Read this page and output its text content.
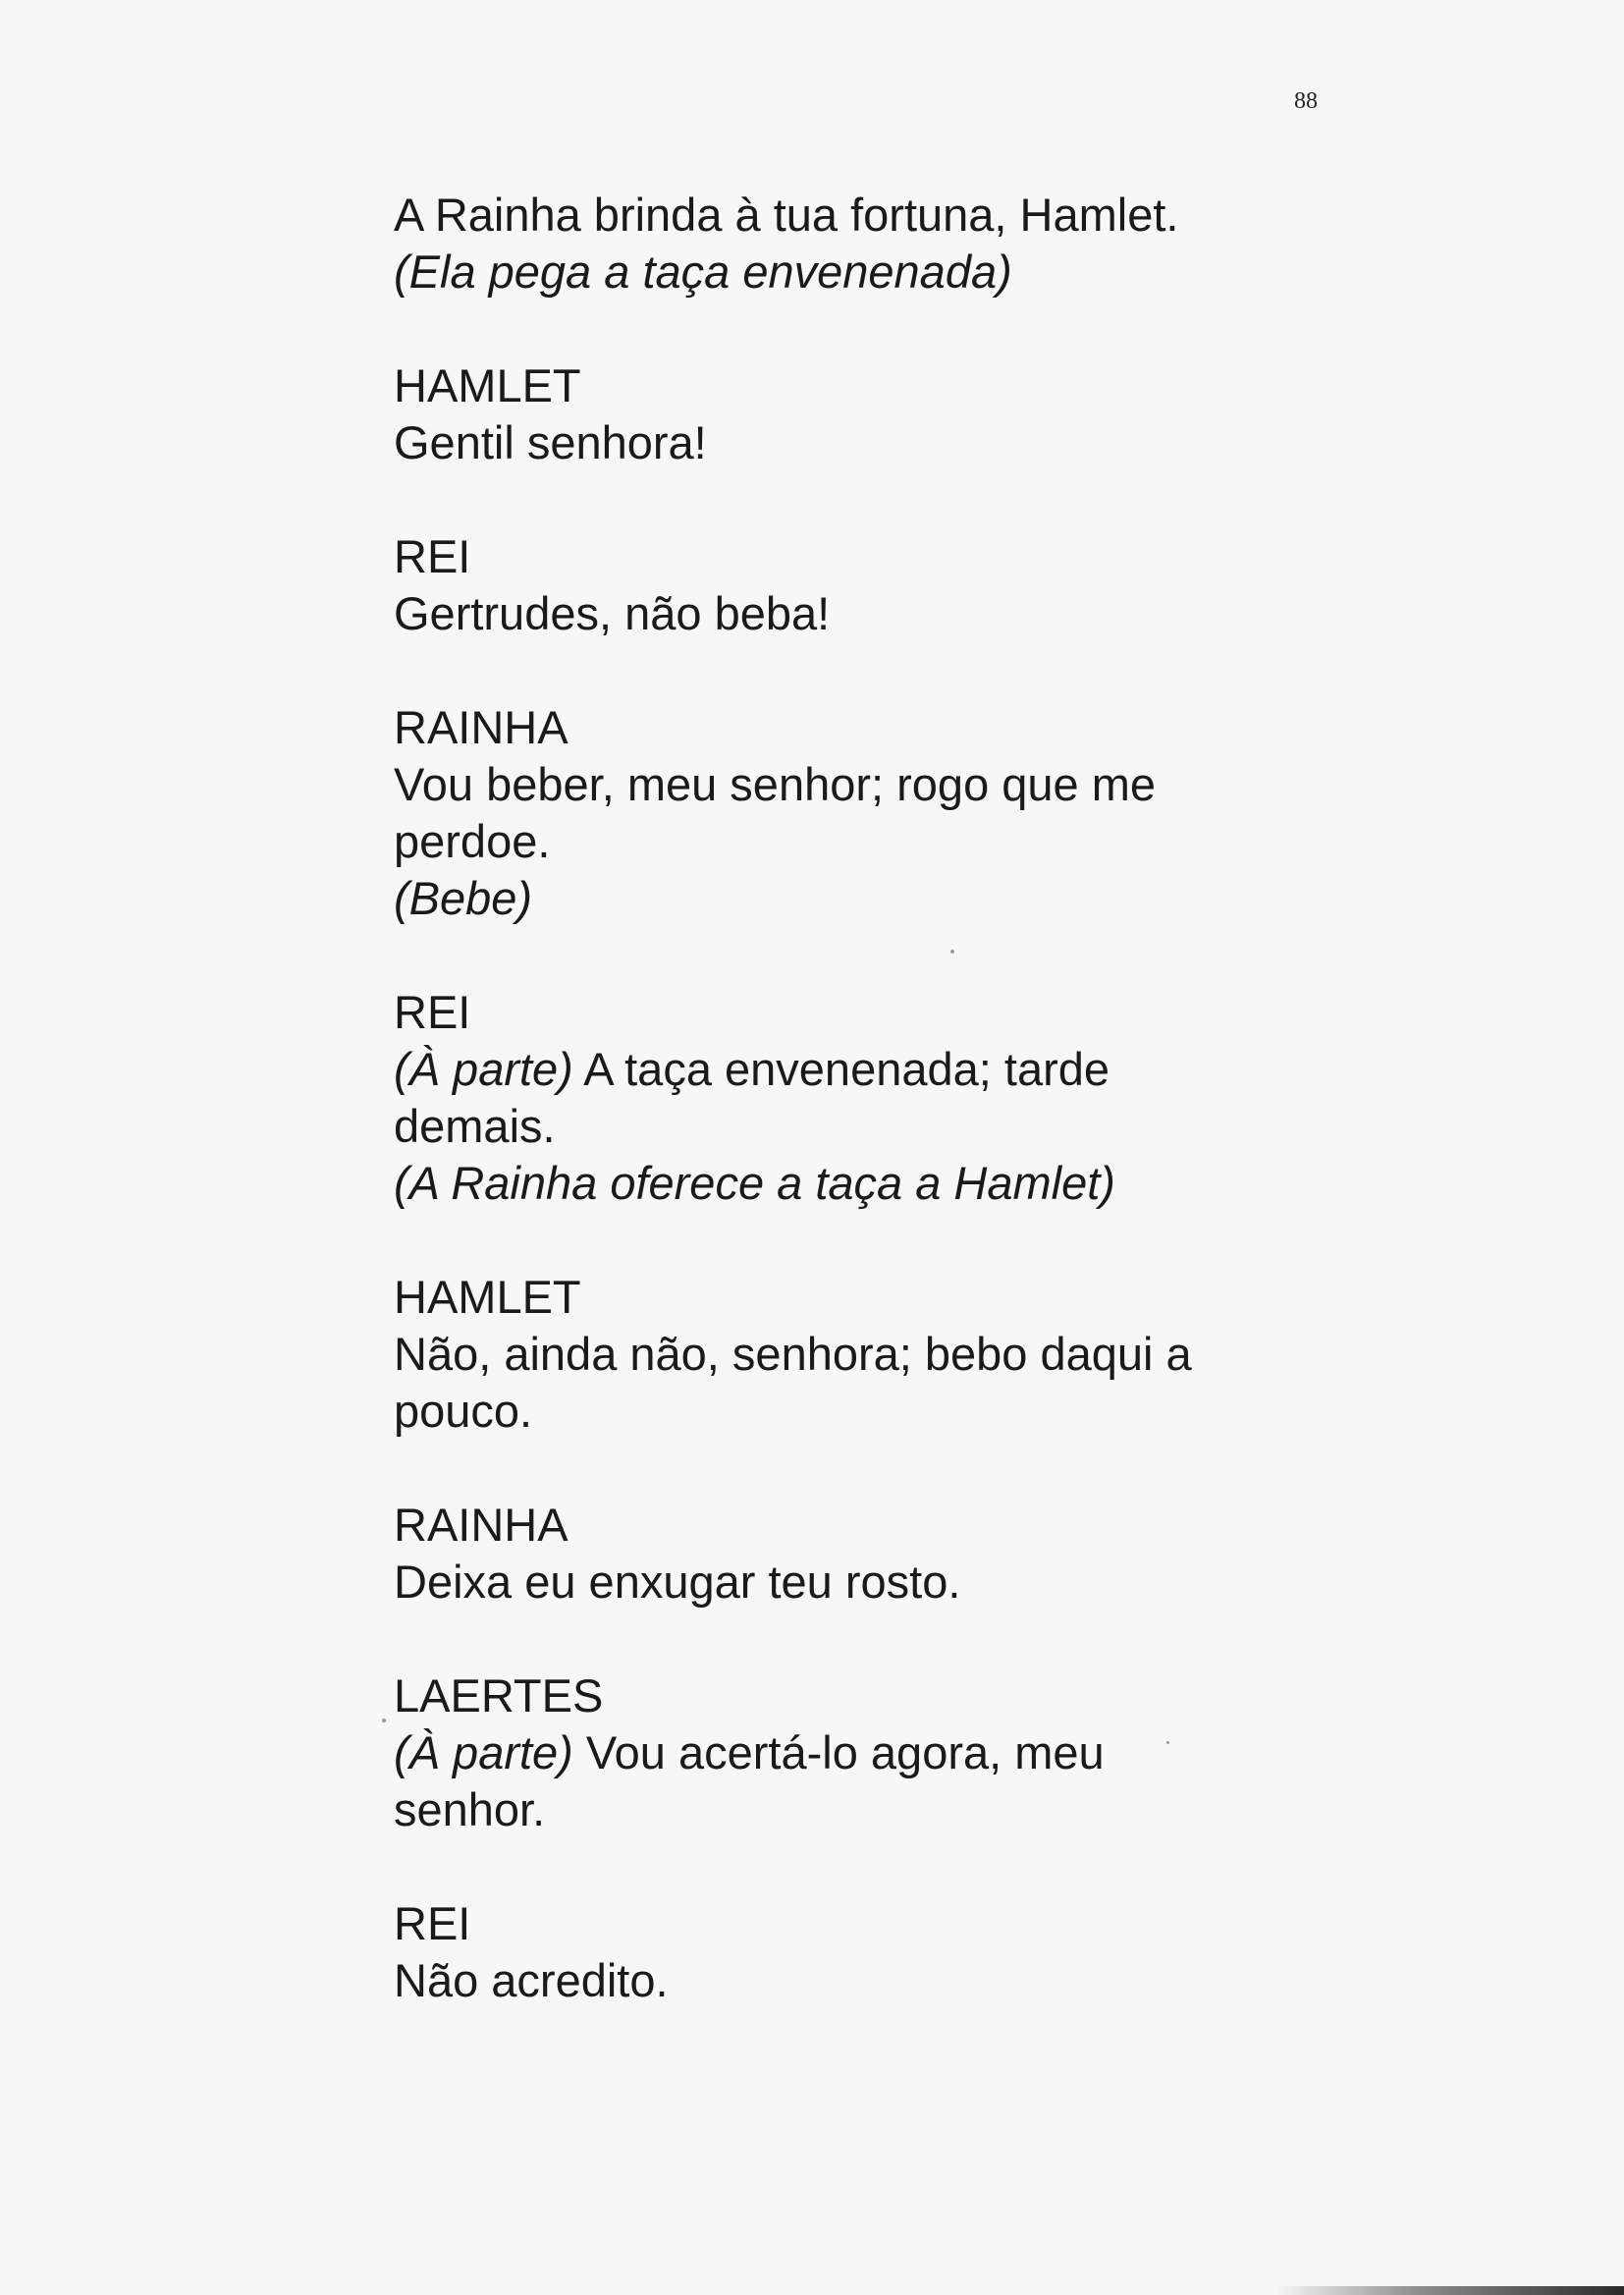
88
A Rainha brinda à tua fortuna, Hamlet.
(Ela pega a taça envenenada)
HAMLET
Gentil senhora!
REI
Gertrudes, não beba!
RAINHA
Vou beber, meu senhor; rogo que me
perdoe.
(Bebe)
REI
(À parte) A taça envenenada; tarde
demais.
(A Rainha oferece a taça a Hamlet)
HAMLET
Não, ainda não, senhora; bebo daqui a
pouco.
RAINHA
Deixa eu enxugar teu rosto.
LAERTES
(À parte) Vou acertá-lo agora, meu
senhor.
REI
Não acredito.
